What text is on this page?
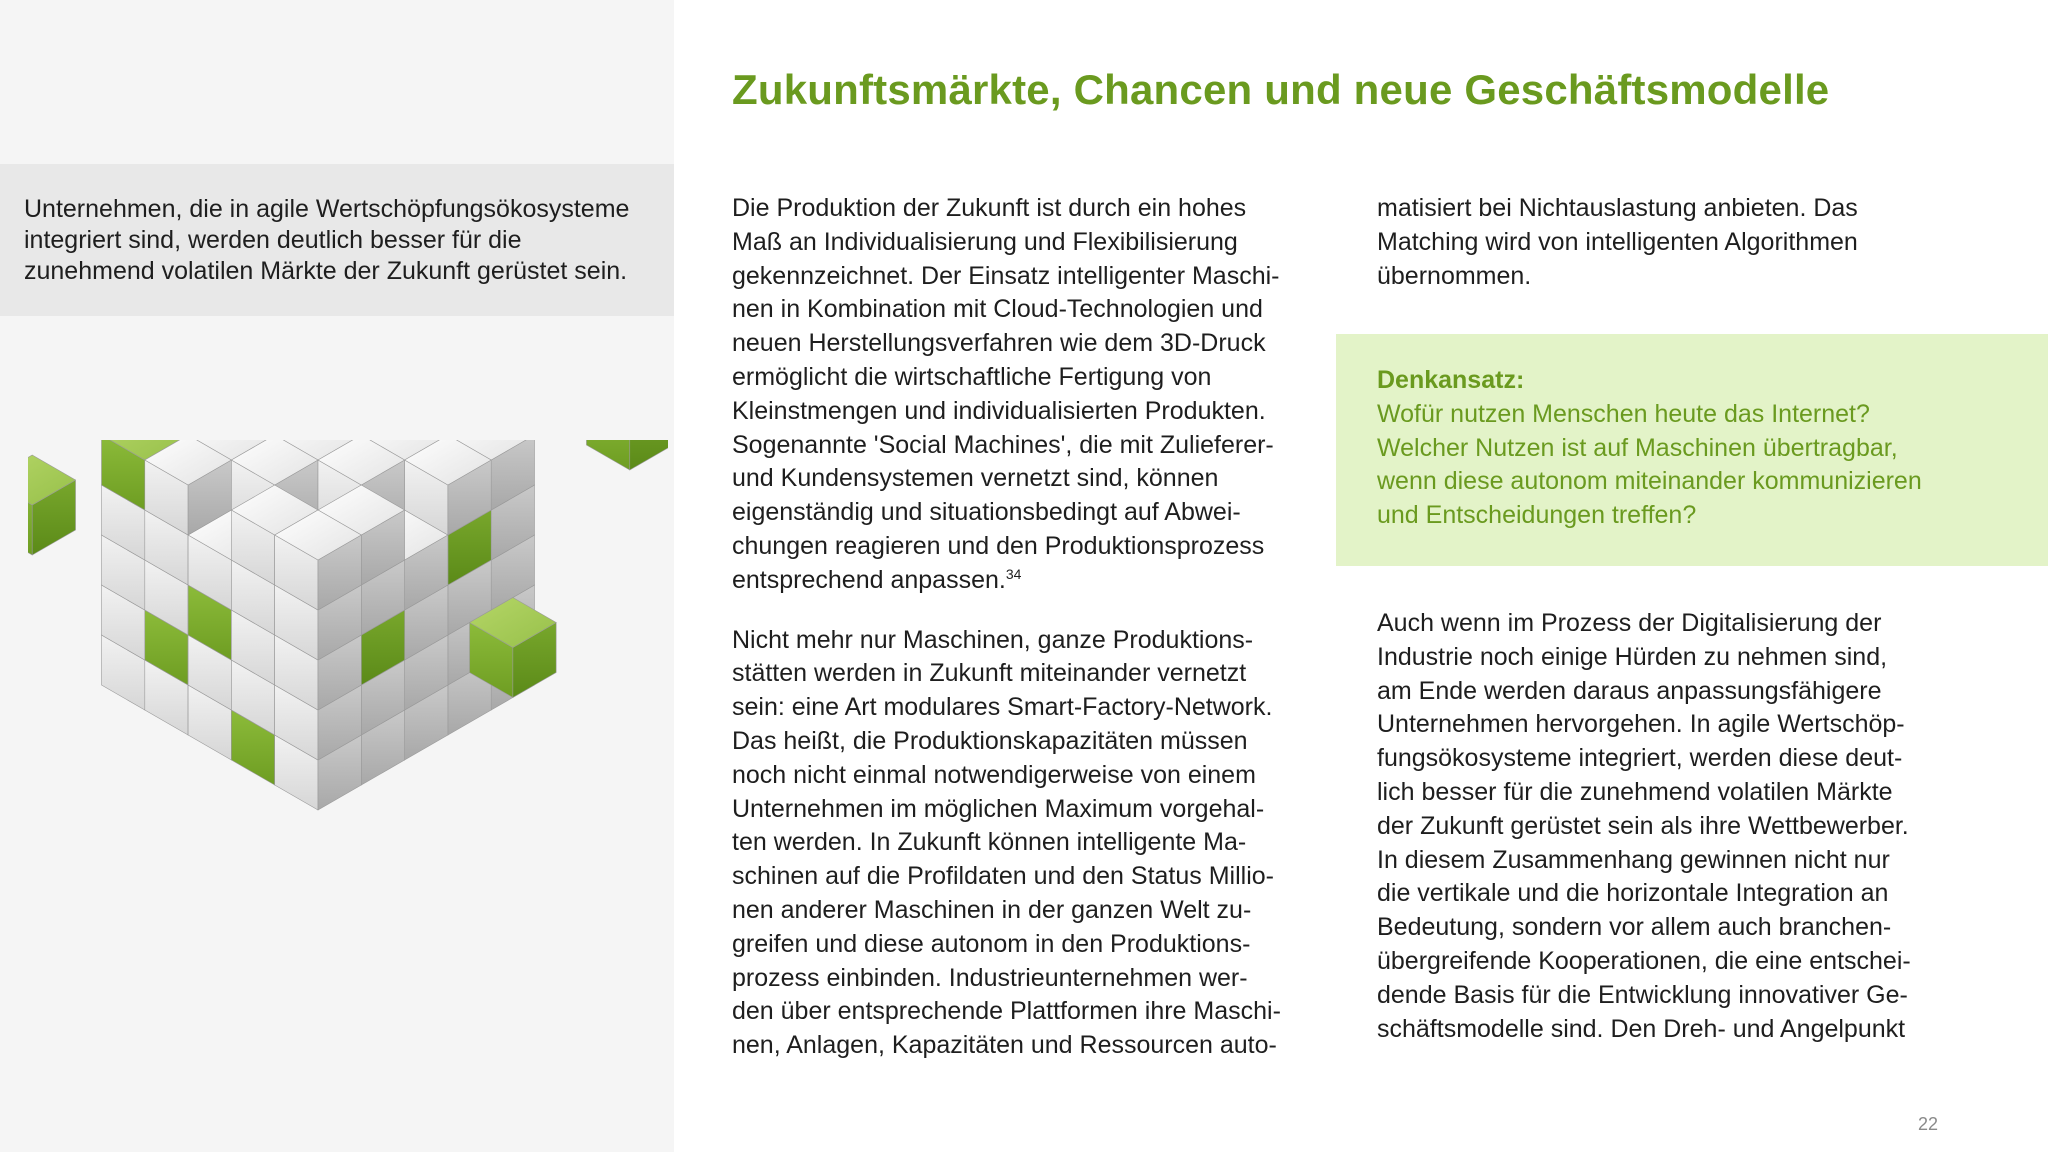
Unternehmen, die in agile Wertschöpfungsökosysteme integriert sind, werden deutlich besser für die zunehmend volatilen Märkte der Zukunft gerüstet sein.

Zukunftsmärkte, Chancen und neue Geschäftsmodelle

Die Produktion der Zukunft ist durch ein hohes
Maß an Individualisierung und Flexibilisierung
gekennzeichnet. Der Einsatz intelligenter Maschi-
nen in Kombination mit Cloud-Technologien und
neuen Herstellungsverfahren wie dem 3D-Druck
ermöglicht die wirtschaftliche Fertigung von
Kleinstmengen und individualisierten Produkten.
Sogenannte 'Social Machines', die mit Zulieferer-
und Kundensystemen vernetzt sind, können
eigenständig und situationsbedingt auf Abwei-
chungen reagieren und den Produktionsprozess
entsprechend anpassen.$^{34}$

Nicht mehr nur Maschinen, ganze Produktions-
stätten werden in Zukunft miteinander vernetzt
sein: eine Art modulares Smart-Factory-Network.
Das heißt, die Produktionskapazitäten müssen
noch nicht einmal notwendigerweise von einem
Unternehmen im möglichen Maximum vorgehal-
ten werden. In Zukunft können intelligente Ma-
schinen auf die Profildaten und den Status Millio-
nen anderer Maschinen in der ganzen Welt zu-
greifen und diese autonom in den Produktions-
prozess einbinden. Industrieunternehmen wer-
den über entsprechende Plattformen ihre Maschi-
nen, Anlagen, Kapazitäten und Ressourcen auto-

matisiert bei Nichtauslastung anbieten. Das
Matching wird von intelligenten Algorithmen
übernommen.

Denkansatz:

Wofür nutzen Menschen heute das Internet?
Welcher Nutzen ist auf Maschinen übertragbar,
wenn diese autonom miteinander kommunizieren
und Entscheidungen treffen?

Auch wenn im Prozess der Digitalisierung der
Industrie noch einige Hürden zu nehmen sind,
am Ende werden daraus anpassungsfähigere
Unternehmen hervorgehen. In agile Wertschöp-
fungsökosysteme integriert, werden diese deut-
lich besser für die zunehmend volatilen Märkte
der Zukunft gerüstet sein als ihre Wettbewerber.
In diesem Zusammenhang gewinnen nicht nur
die vertikale und die horizontale Integration an
Bedeutung, sondern vor allem auch branchen-
übergreifende Kooperationen, die eine entschei-
dende Basis für die Entwicklung innovativer Ge-
schäftsmodelle sind. Den Dreh- und Angelpunkt

22
